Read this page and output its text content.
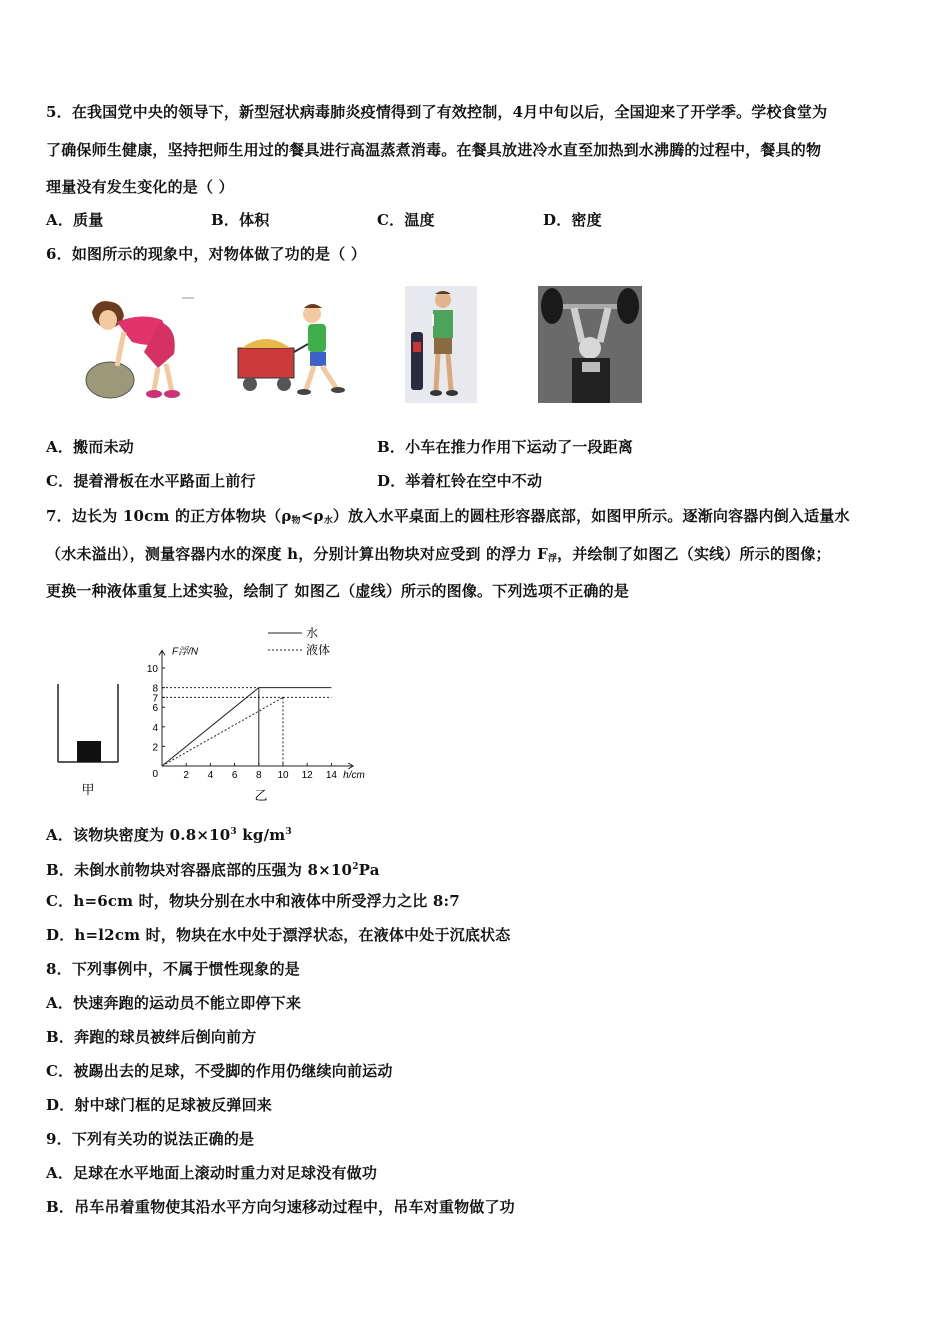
5．在我国党中央的领导下，新型冠状病毒肺炎疫情得到了有效控制，4月中旬以后，全国迎来了开学季。学校食堂为
了确保师生健康，坚持把师生用过的餐具进行高温蒸煮消毒。在餐具放进冷水直至加热到水沸腾的过程中，餐具的物
理量没有发生变化的是（ ）
A．质量	B．体积	C．温度	D．密度
6．如图所示的现象中，对物体做了功的是（ ）
A．搬而未动	B．小车在推力作用下运动了一段距离
C．提着滑板在水平路面上前行	D．举着杠铃在空中不动
7．边长为 10cm 的正方体物块$(\rho_物<\rho_水)$放入水平桌面上的圆柱形容器底部，如图甲所示。逐渐向容器内倒入适量水
（水未溢出），测量容器内水的深度 h，分别计算出物块对应受到 的浮力 $F_浮$，并绘制了如图乙（实线）所示的图像；
更换一种液体重复上述实验，绘制了 如图乙（虚线）所示的图像。下列选项不正确的是
甲
2 4 6 8 10 12 14
2
4
6
7
8
10
0
F浮/N
h/cm
水
液体
乙
A．该物块密度为 $0.8\times 10^3$ $kg/m^3$
B．未倒水前物块对容器底部的压强为 $8\times 10^2Pa$
C．h=6cm 时，物块分别在水中和液体中所受浮力之比 8:7
D．h=l2cm 时，物块在水中处于漂浮状态，在液体中处于沉底状态
8．下列事例中，不属于惯性现象的是
A．快速奔跑的运动员不能立即停下来
B．奔跑的球员被绊后倒向前方
C．被踢出去的足球，不受脚的作用仍继续向前运动
D．射中球门框的足球被反弹回来
9．下列有关功的说法正确的是
A．足球在水平地面上滚动时重力对足球没有做功
B．吊车吊着重物使其沿水平方向匀速移动过程中，吊车对重物做了功
